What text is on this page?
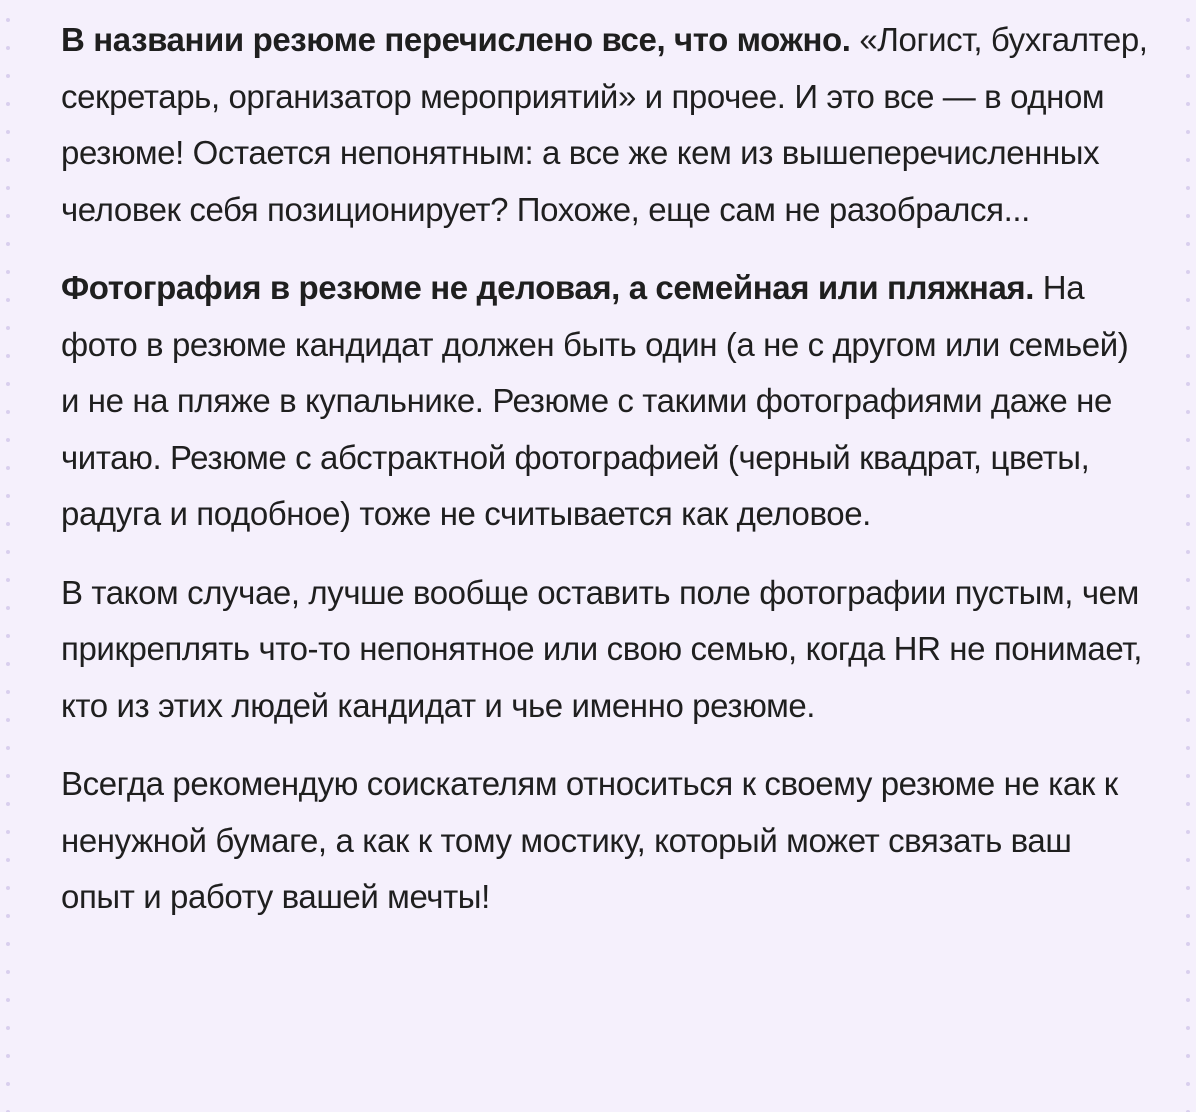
В названии резюме перечислено все, что можно. «Логист, бухгалтер, секретарь, организатор мероприятий» и прочее. И это все — в одном резюме! Остается непонятным: а все же кем из вышеперечисленных человек себя позиционирует? Похоже, еще сам не разобрался...

Фотография в резюме не деловая, а семейная или пляжная. На фото в резюме кандидат должен быть один (а не с другом или семьей) и не на пляже в купальнике. Резюме с такими фотографиями даже не читаю. Резюме с абстрактной фотографией (черный квадрат, цветы, радуга и подобное) тоже не считывается как деловое.

В таком случае, лучше вообще оставить поле фотографии пустым, чем прикреплять что-то непонятное или свою семью, когда HR не понимает, кто из этих людей кандидат и чье именно резюме.

Всегда рекомендую соискателям относиться к своему резюме не как к ненужной бумаге, а как к тому мостику, который может связать ваш опыт и работу вашей мечты!
